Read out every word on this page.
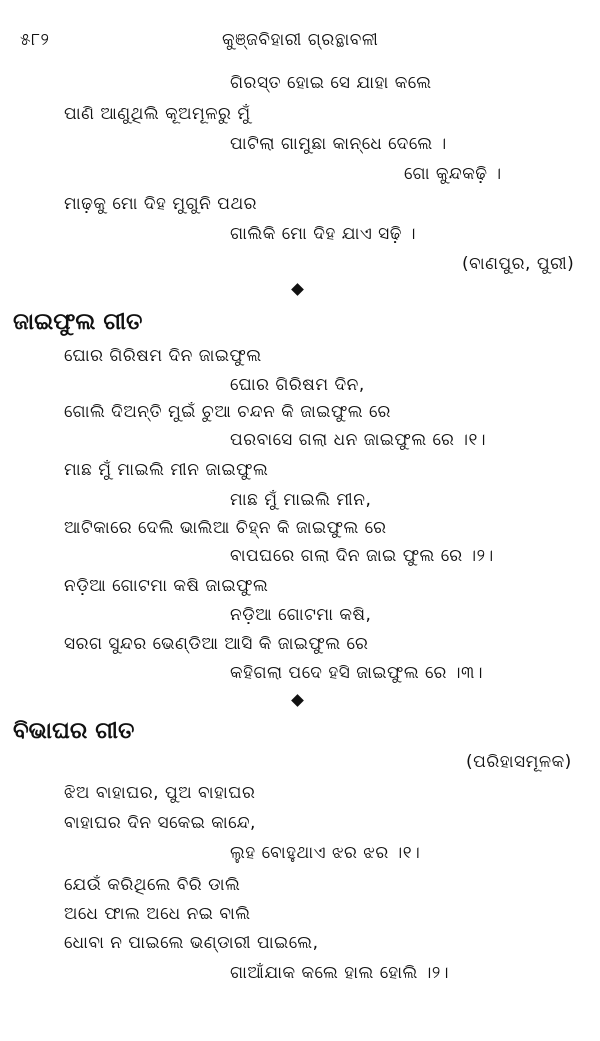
୫୮୨	କୁଞ୍ଜବିହାରୀ ଗ୍ରନ୍ଥାବଳୀ
ଗିରସ୍ତ ହୋଇ ସେ ଯାହା କଲେ
ପାଣି ଆଣୁଥିଲି କୂଅମୂଳରୁ ମୁଁ
ପାଟିଲା ଗାମୁଛା କାନ୍ଧେ ଦେଲେ ।
ଗୋ କୁନ୍ଦକଢ଼ି ।
ମାଢ଼କୁ ମୋ ଦିହ ମୁଗୁନି ପଥର
ଗାଲିକି ମୋ ଦିହ ଯାଏ ସଢ଼ି ।
(ବାଣପୁର, ପୁରୀ)
ଜାଇଫୁଲ ଗୀତ
ଘୋର ଗିରିଷମ ଦିନ ଜାଇଫୁଲ
ଘୋର ଗିରିଷମ ଦିନ,
ଗୋଲି ଦିଅନ୍ତି ମୁଇଁ ଚୁଆ ଚନ୍ଦନ କି ଜାଇଫୁଲ ରେ
ପରବାସେ ଗଲା ଧନ ଜାଇଫୁଲ ରେ ।୧।
ମାଛ ମୁଁ ମାଇଲି ମୀନ ଜାଇଫୁଲ
ମାଛ ମୁଁ ମାଇଲି ମୀନ,
ଆଟିକାରେ ଦେଲି ଭାଲିଆ ଚିହ୍ନ କି ଜାଇଫୁଲ ରେ
ବାପଘରେ ଗଲା ଦିନ ଜାଇ ଫୁଲ ରେ ।୨।
ନଡ଼ିଆ ଗୋଟମା କଷି ଜାଇଫୁଲ
ନଡ଼ିଆ ଗୋଟମା କଷି,
ସରଗ ସୁନ୍ଦର ଭେଣ୍ଡିଆ ଆସି କି ଜାଇଫୁଲ ରେ
କହିଗଲା ପଦେ ହସି ଜାଇଫୁଲ ରେ ।୩।
ବିଭାଘର ଗୀତ
(ପରିହାସମୂଳକ)
ଝିଅ ବାହାଘର, ପୁଅ ବାହାଘର
ବାହାଘର ଦିନ ସକେଇ କାନ୍ଦେ,
ଲୁହ ବୋହୁଥାଏ ଝର ଝର ।୧।
ଯେଉଁ କରିଥିଲେ ବିରି ଡାଲି
ଅଧେ ଫାଲ ଅଧେ ନଇ ବାଲି
ଧୋବା ନ ପାଇଲେ ଭଣ୍ଡାରୀ ପାଇଲେ,
ଗାଆଁଯାକ କଲେ ହାଲ ହୋଲି ।୨।
